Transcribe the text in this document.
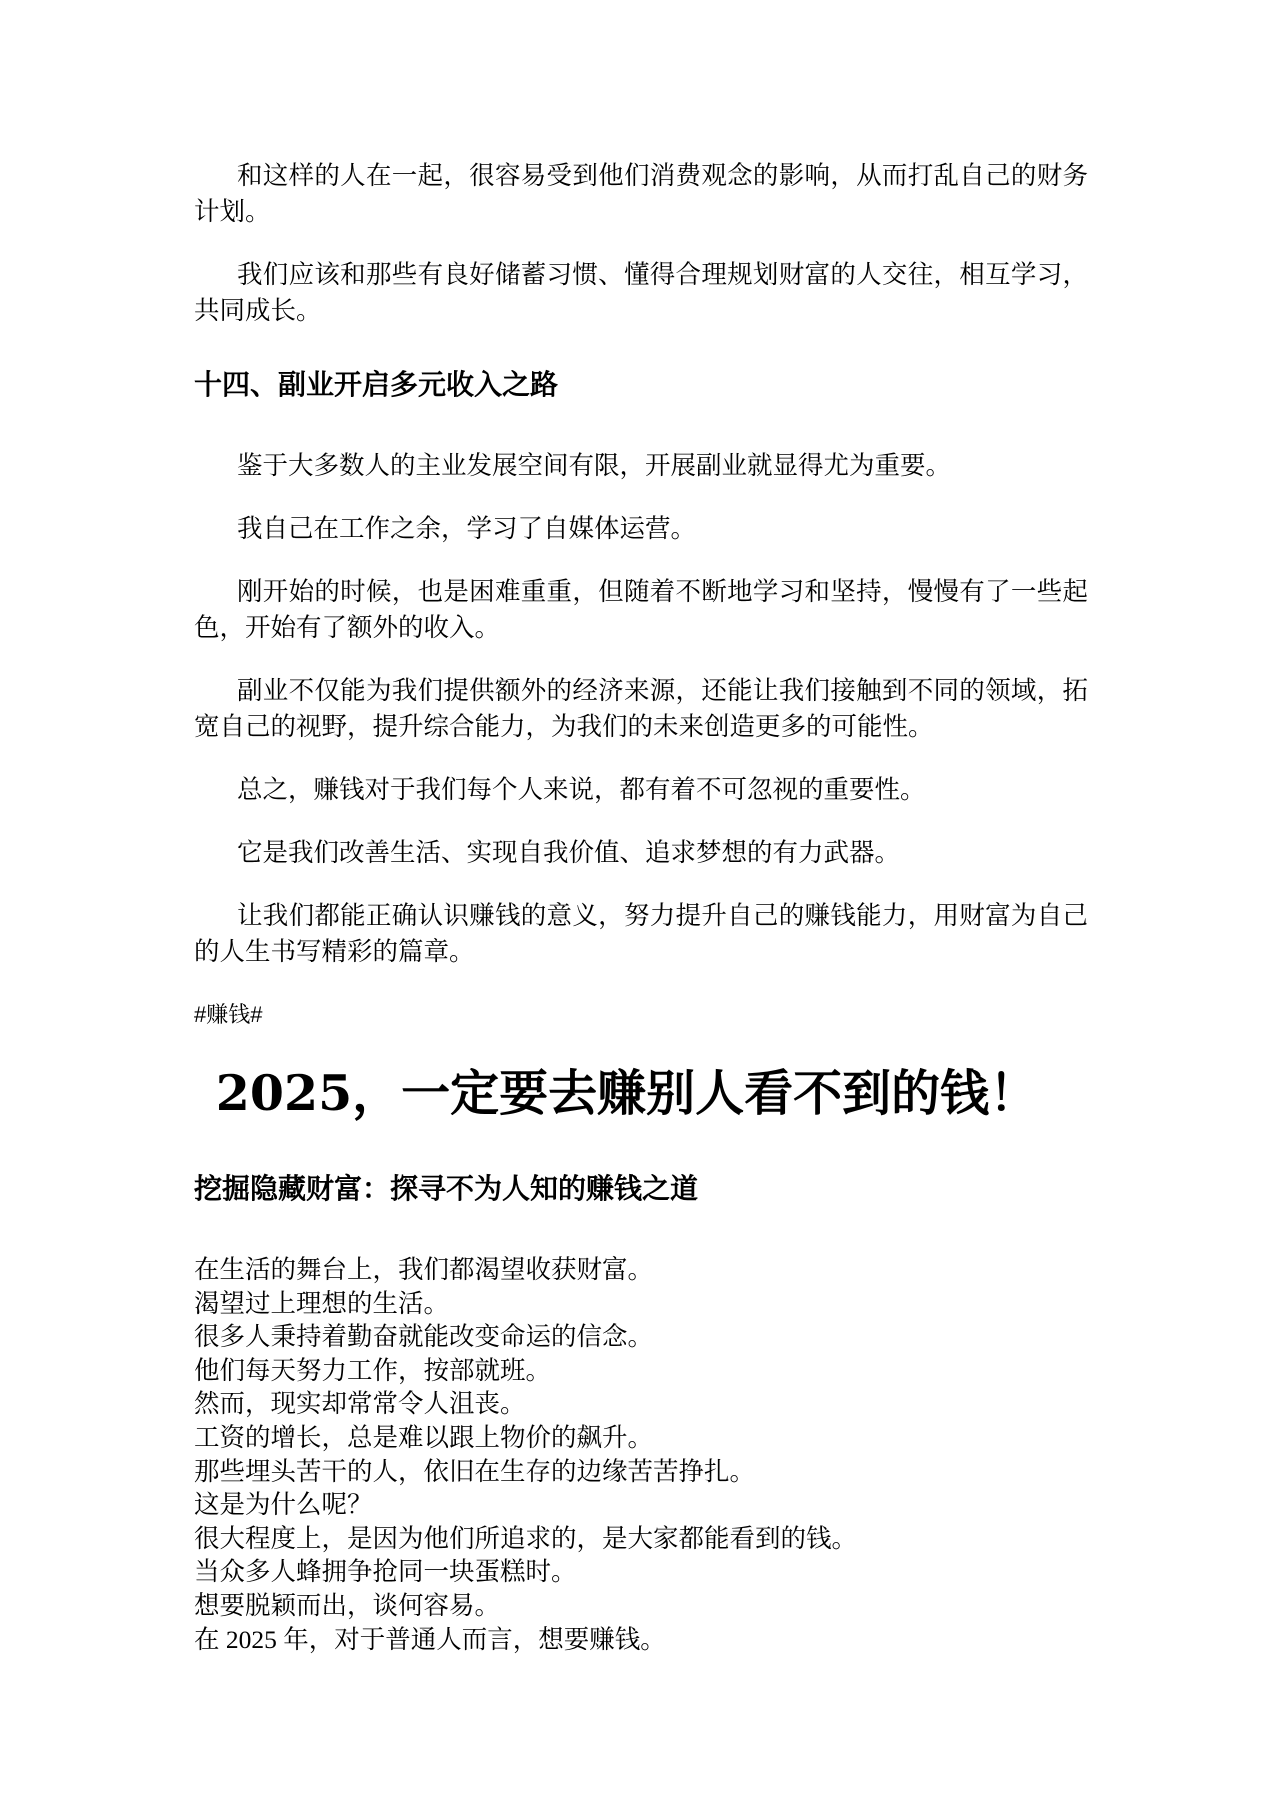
和这样的人在一起，很容易受到他们消费观念的影响，从而打乱自己的财务
计划。
我们应该和那些有良好储蓄习惯、懂得合理规划财富的人交往，相互学习，
共同成长。
十四、副业开启多元收入之路
鉴于大多数人的主业发展空间有限，开展副业就显得尤为重要。
我自己在工作之余，学习了自媒体运营。
刚开始的时候，也是困难重重，但随着不断地学习和坚持，慢慢有了一些起
色，开始有了额外的收入。
副业不仅能为我们提供额外的经济来源，还能让我们接触到不同的领域，拓
宽自己的视野，提升综合能力，为我们的未来创造更多的可能性。
总之，赚钱对于我们每个人来说，都有着不可忽视的重要性。
它是我们改善生活、实现自我价值、追求梦想的有力武器。
让我们都能正确认识赚钱的意义，努力提升自己的赚钱能力，用财富为自己
的人生书写精彩的篇章。
#赚钱#
2025，一定要去赚别人看不到的钱！
挖掘隐藏财富：探寻不为人知的赚钱之道
在生活的舞台上，我们都渴望收获财富。
渴望过上理想的生活。
很多人秉持着勤奋就能改变命运的信念。
他们每天努力工作，按部就班。
然而，现实却常常令人沮丧。
工资的增长，总是难以跟上物价的飙升。
那些埋头苦干的人，依旧在生存的边缘苦苦挣扎。
这是为什么呢？
很大程度上，是因为他们所追求的，是大家都能看到的钱。
当众多人蜂拥争抢同一块蛋糕时。
想要脱颖而出，谈何容易。
在 2025 年，对于普通人而言，想要赚钱。
